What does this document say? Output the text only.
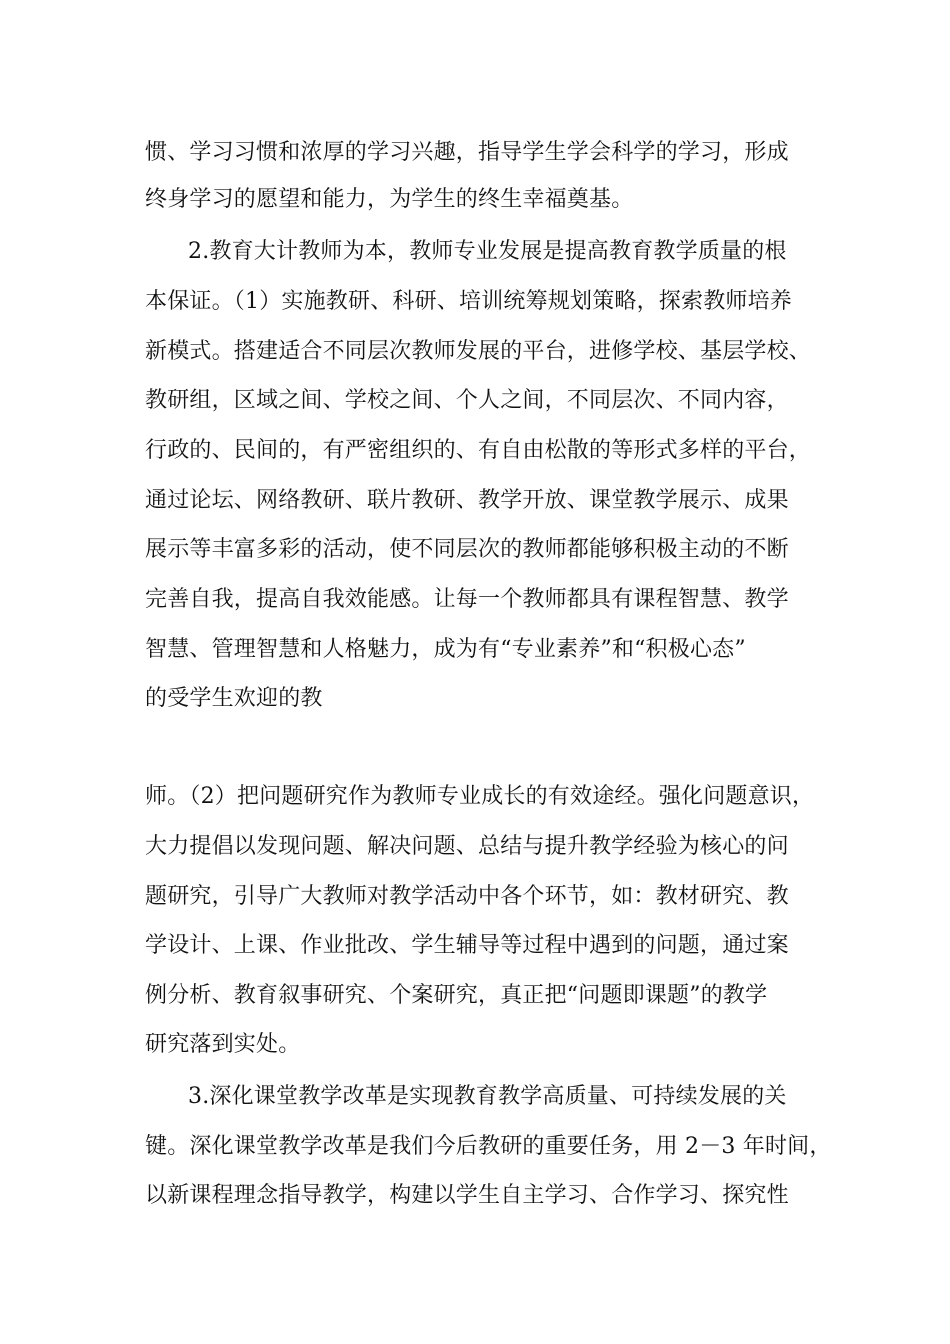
惯、学习习惯和浓厚的学习兴趣，指导学生学会科学的学习，形成
终身学习的愿望和能力，为学生的终生幸福奠基。
2.教育大计教师为本，教师专业发展是提高教育教学质量的根
本保证。（1）实施教研、科研、培训统筹规划策略，探索教师培养
新模式。搭建适合不同层次教师发展的平台，进修学校、基层学校、
教研组，区域之间、学校之间、个人之间，不同层次、不同内容，
行政的、民间的，有严密组织的、有自由松散的等形式多样的平台，
通过论坛、网络教研、联片教研、教学开放、课堂教学展示、成果
展示等丰富多彩的活动，使不同层次的教师都能够积极主动的不断
完善自我，提高自我效能感。让每一个教师都具有课程智慧、教学
智慧、管理智慧和人格魅力，成为有“专业素养”和“积极心态”
的受学生欢迎的教
师。（2）把问题研究作为教师专业成长的有效途经。强化问题意识，
大力提倡以发现问题、解决问题、总结与提升教学经验为核心的问
题研究，引导广大教师对教学活动中各个环节，如：教材研究、教
学设计、上课、作业批改、学生辅导等过程中遇到的问题，通过案
例分析、教育叙事研究、个案研究，真正把“问题即课题”的教学
研究落到实处。
3.深化课堂教学改革是实现教育教学高质量、可持续发展的关
键。深化课堂教学改革是我们今后教研的重要任务，用 2－3 年时间，
以新课程理念指导教学，构建以学生自主学习、合作学习、探究性
